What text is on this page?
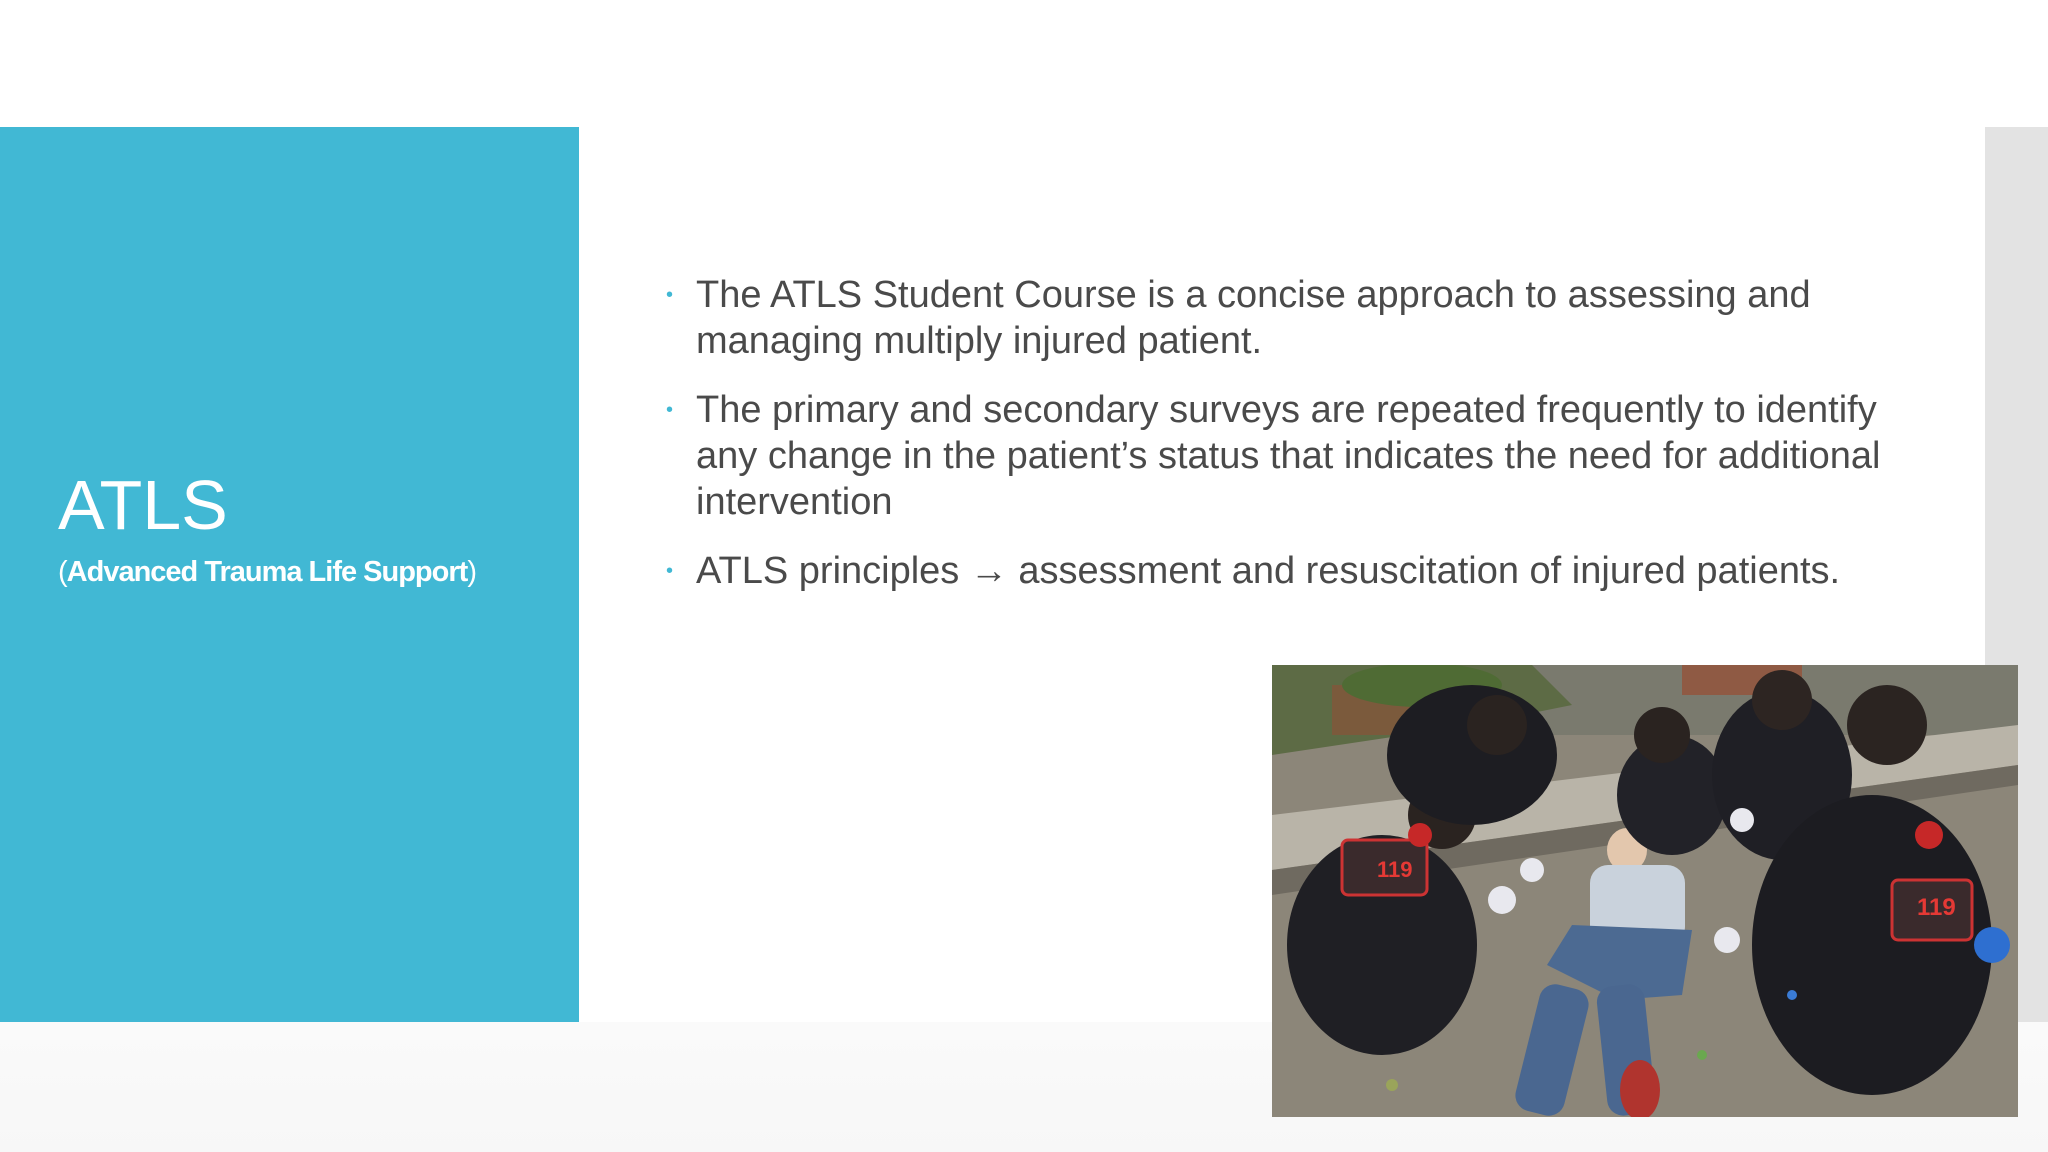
ATLS
(Advanced Trauma Life Support)
• The ATLS Student Course is a concise approach to assessing and managing multiply injured patient.
• The primary and secondary surveys are repeated frequently to identify any change in the patient’s status that indicates the need for additional intervention
• ATLS principles → assessment and resuscitation of injured patients.
119
119
